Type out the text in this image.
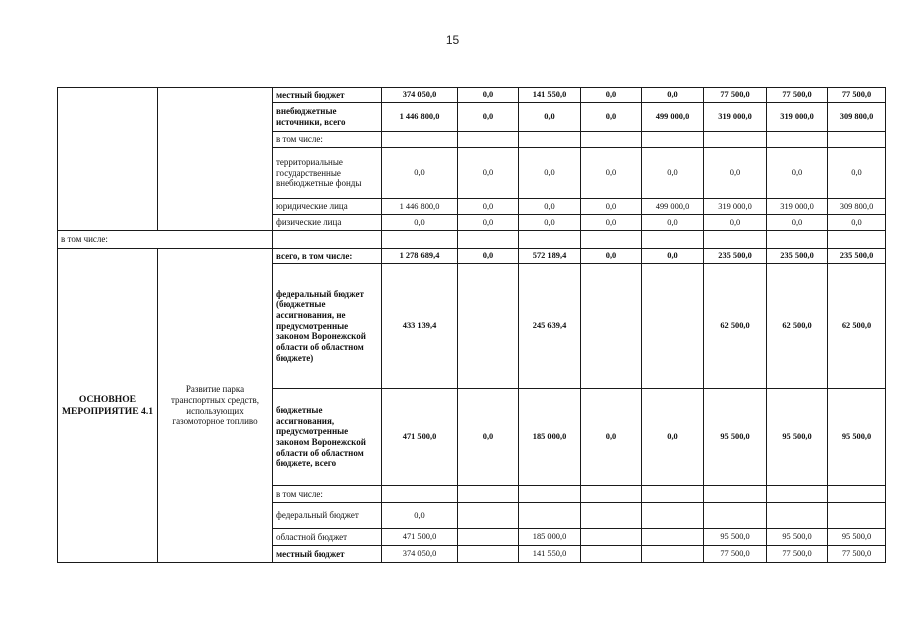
15
		местный бюджет	374 050,0	0,0	141 550,0	0,0	0,0	77 500,0	77 500,0	77 500,0
		внебюджетные источники, всего	1 446 800,0	0,0	0,0	0,0	499 000,0	319 000,0	319 000,0	309 800,0
		в том числе:								
		территориальные государственные внебюджетные фонды	0,0	0,0	0,0	0,0	0,0	0,0	0,0	0,0
		юридические лица	1 446 800,0	0,0	0,0	0,0	499 000,0	319 000,0	319 000,0	309 800,0
		физические лица	0,0	0,0	0,0	0,0	0,0	0,0	0,0	0,0
в том числе:										
ОСНОВНОЕ МЕРОПРИЯТИЕ 4.1	Развитие парка транспортных средств, использующих газомоторное топливо	всего, в том числе:	1 278 689,4	0,0	572 189,4	0,0	0,0	235 500,0	235 500,0	235 500,0
		федеральный бюджет (бюджетные ассигнования, не предусмотренные законом Воронежской области об областном бюджете)	433 139,4		245 639,4			62 500,0	62 500,0	62 500,0
		бюджетные ассигнования, предусмотренные законом Воронежской области об областном бюджете, всего	471 500,0	0,0	185 000,0	0,0	0,0	95 500,0	95 500,0	95 500,0
		в том числе:								
		федеральный бюджет	0,0							
		областной бюджет	471 500,0		185 000,0			95 500,0	95 500,0	95 500,0
		местный бюджет	374 050,0		141 550,0			77 500,0	77 500,0	77 500,0
